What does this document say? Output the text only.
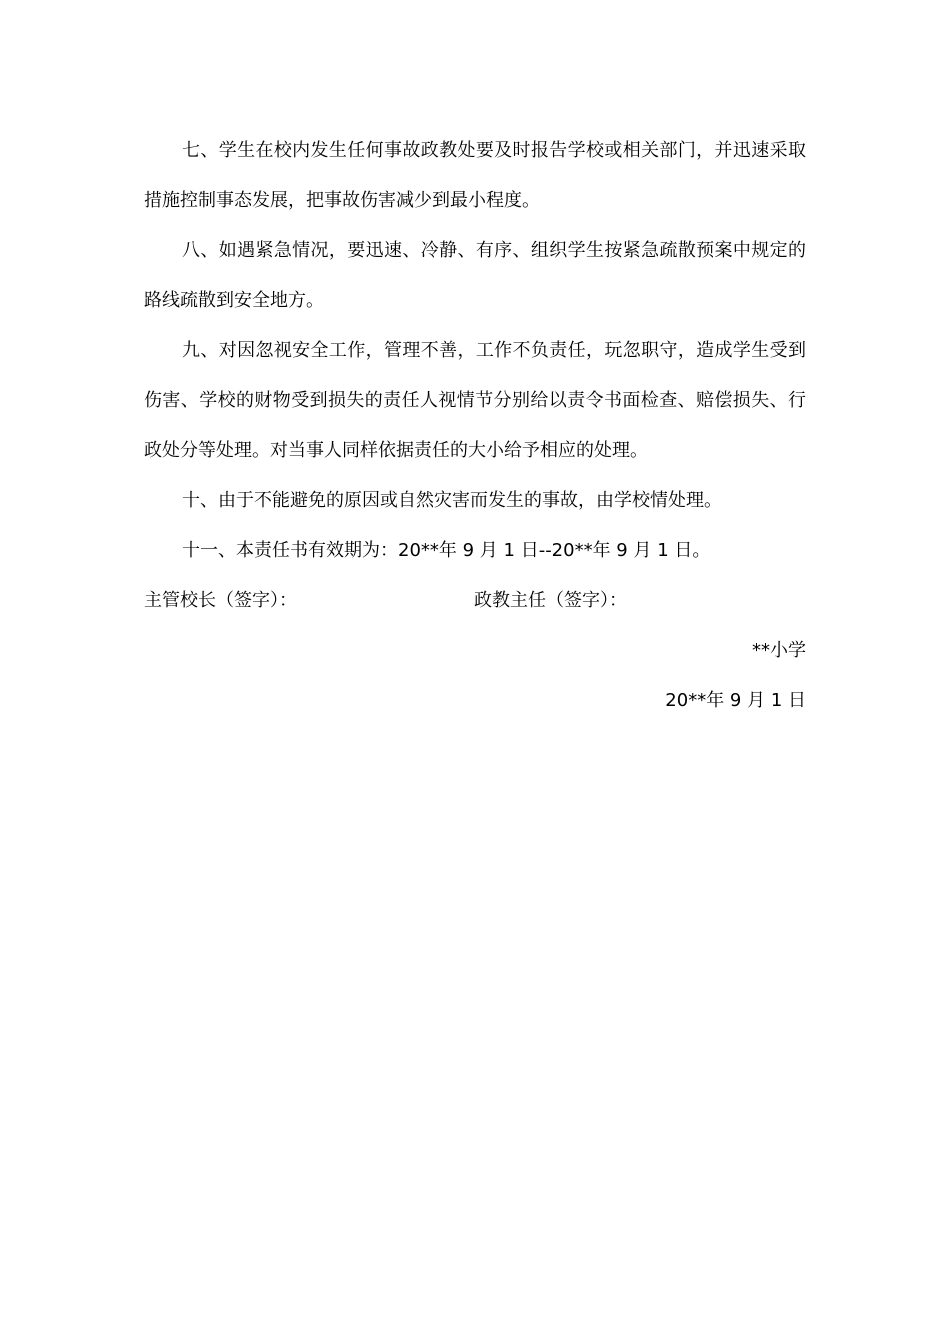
七、学生在校内发生任何事故政教处要及时报告学校或相关部门，并迅速采取措施控制事态发展，把事故伤害减少到最小程度。

八、如遇紧急情况，要迅速、冷静、有序、组织学生按紧急疏散预案中规定的路线疏散到安全地方。

九、对因忽视安全工作，管理不善，工作不负责任，玩忽职守，造成学生受到伤害、学校的财物受到损失的责任人视情节分别给以责令书面检查、赔偿损失、行政处分等处理。对当事人同样依据责任的大小给予相应的处理。

十、由于不能避免的原因或自然灾害而发生的事故，由学校情处理。

十一、本责任书有效期为：20**年 9 月 1 日--20**年 9 月 1 日。

主管校长（签字）：	政教主任（签字）：

**小学

20**年 9 月 1 日
